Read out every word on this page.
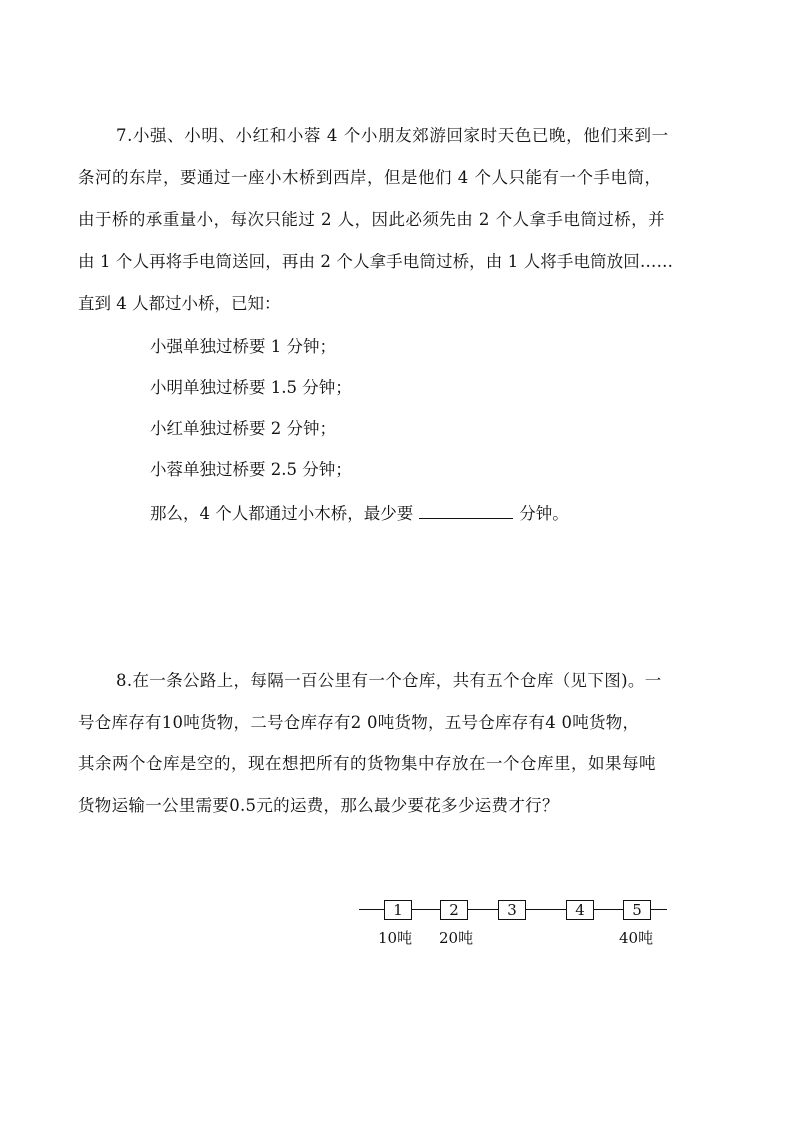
7.小强、小明、小红和小蓉 4 个小朋友郊游回家时天色已晚，他们来到一
条河的东岸，要通过一座小木桥到西岸，但是他们 4 个人只能有一个手电筒，
由于桥的承重量小，每次只能过 2 人，因此必须先由 2 个人拿手电筒过桥，并
由 1 个人再将手电筒送回，再由 2 个人拿手电筒过桥，由 1 人将手电筒放回……
直到 4 人都过小桥，已知：
小强单独过桥要 1 分钟；
小明单独过桥要 1.5 分钟；
小红单独过桥要 2 分钟；
小蓉单独过桥要 2.5 分钟；
那么，4 个人都通过小木桥，最少要	分钟。
8.在一条公路上，每隔一百公里有一个仓库，共有五个仓库（见下图)。一
号仓库存有10吨货物，二号仓库存有2 0吨货物，五号仓库存有4 0吨货物，
其余两个仓库是空的，现在想把所有的货物集中存放在一个仓库里，如果每吨
货物运输一公里需要0.5元的运费，那么最少要花多少运费才行？
1	2	3	4	5
10吨 20吨	40吨
